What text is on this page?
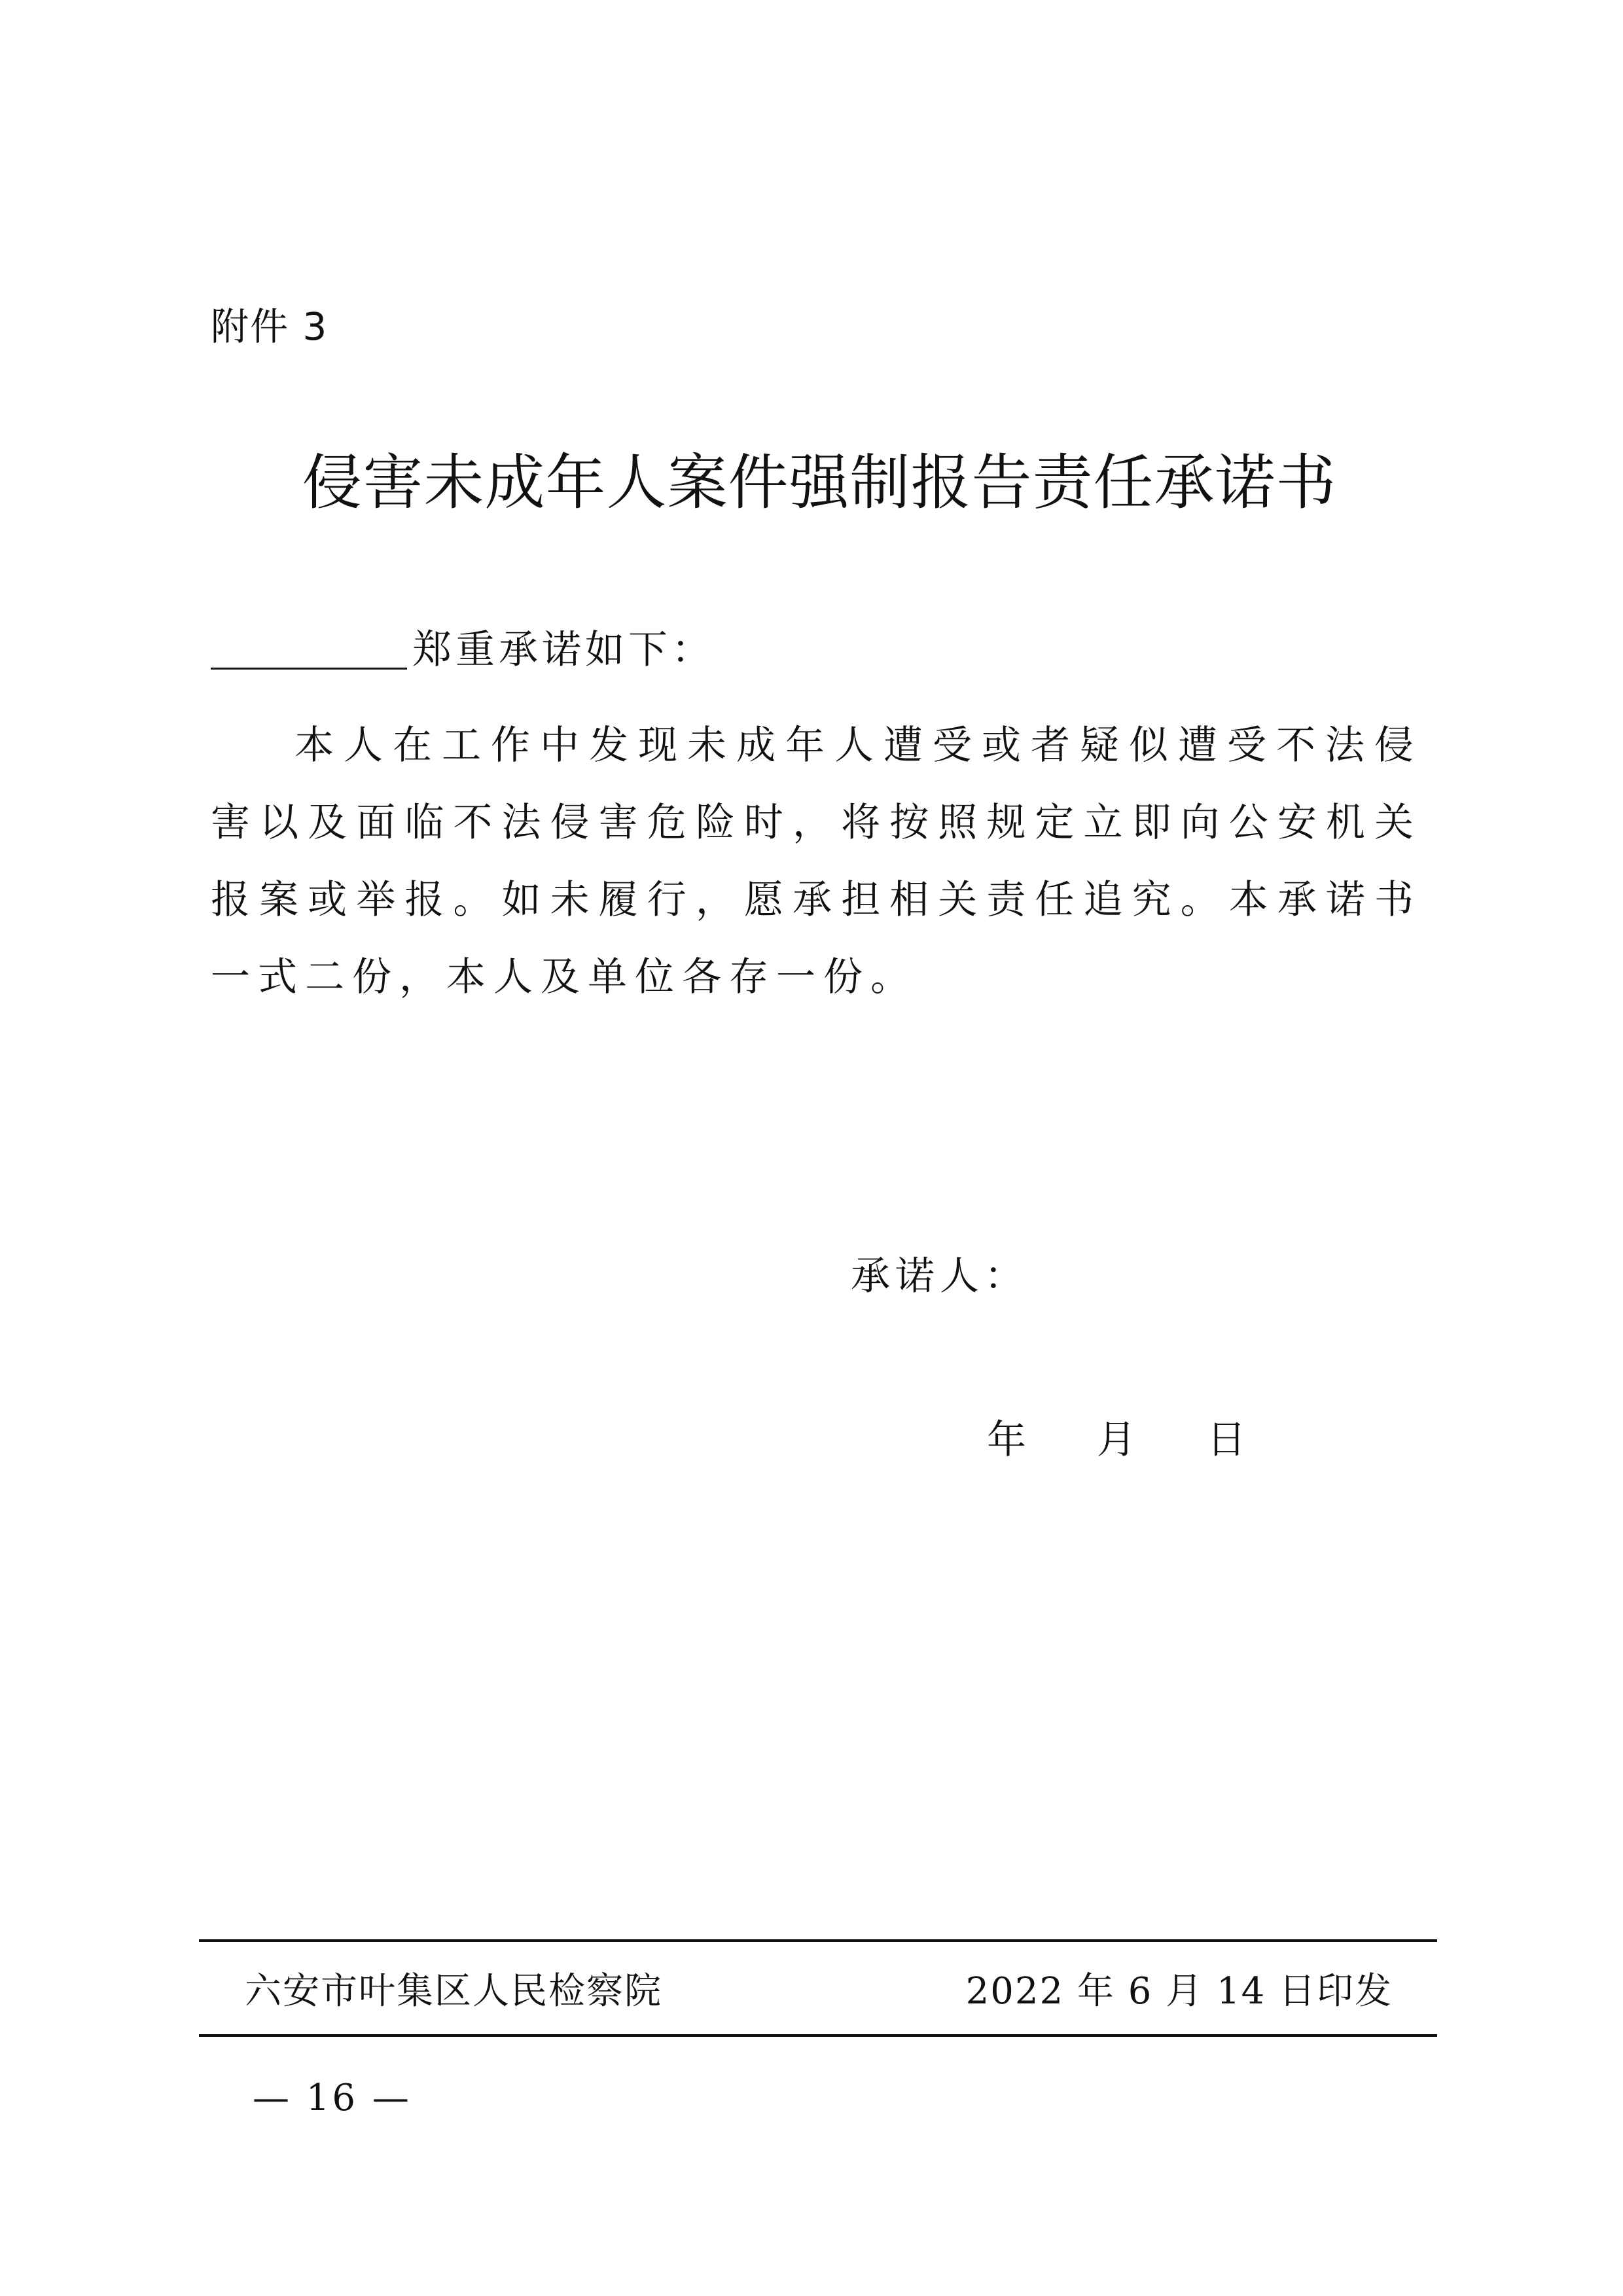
附件 3
侵害未成年人案件强制报告责任承诺书
郑重承诺如下：

本人在工作中发现未成年人遭受或者疑似遭受不法侵害以及面临不法侵害危险时，将按照规定立即向公安机关报案或举报。如未履行，愿承担相关责任追究。本承诺书一式二份，本人及单位各存一份。

承诺人：
年 月 日
六安市叶集区人民检察院	2022 年 6 月 14 日印发
— 16 —
